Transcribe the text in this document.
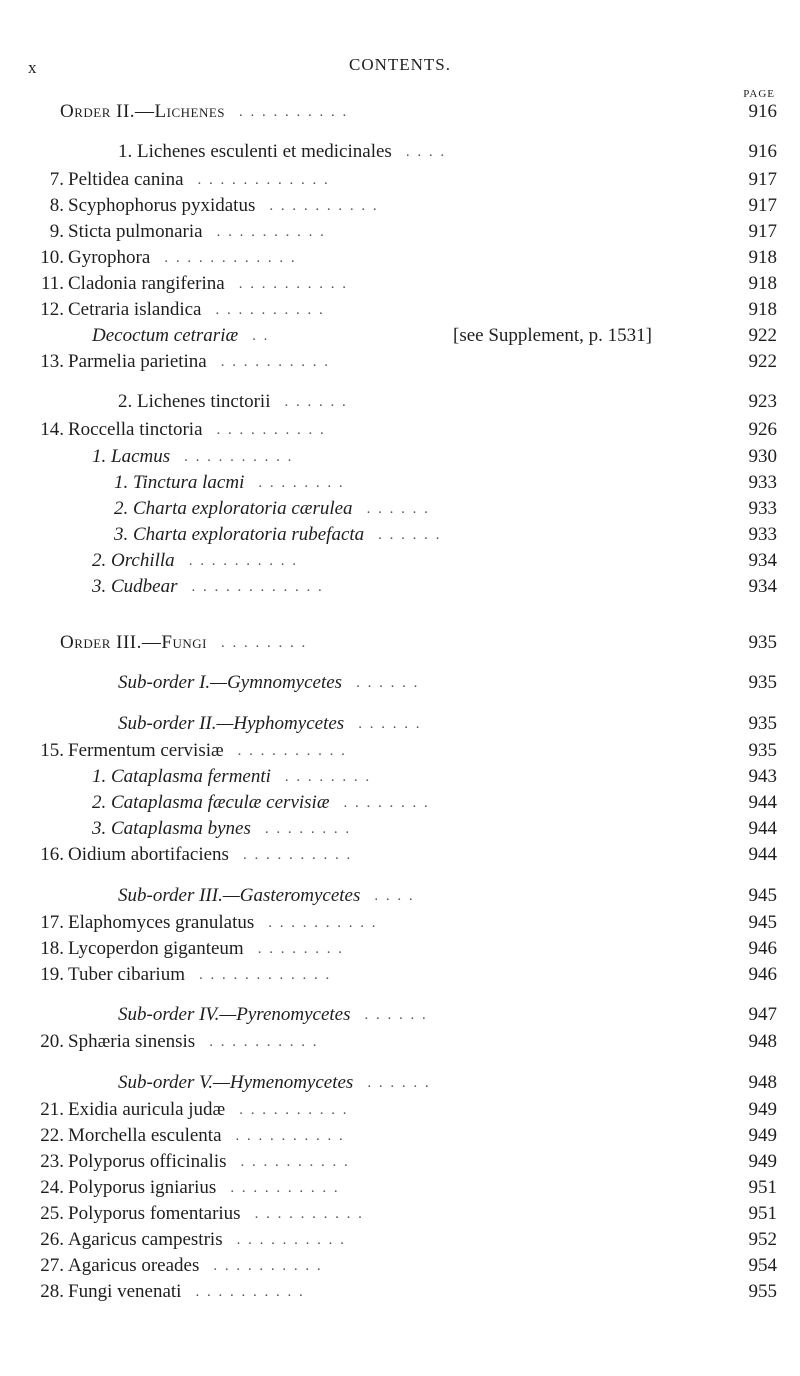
x	CONTENTS.
PAGE
Order II.—Lichenes . . . . . . . . . .	916
1. Lichenes esculenti et medicinales . . . .	916
7. Peltidea canina . . . . . . . . . . . .	917
8. Scyphophorus pyxidatus . . . . . . . . . .	917
9. Sticta pulmonaria . . . . . . . . . .	917
10. Gyrophora . . . . . . . . . . . .	918
11. Cladonia rangiferina . . . . . . . . . .	918
12. Cetraria islandica . . . . . . . . . .	918
Decoctum cetrariæ . .	[see Supplement, p. 1531]	922
13. Parmelia parietina . . . . . . . . . .	922
2. Lichenes tinctorii . . . . . .	923
14. Roccella tinctoria . . . . . . . . . .	926
1. Lacmus . . . . . . . . . .	930
1. Tinctura lacmi . . . . . . . .	933
2. Charta exploratoria cærulea . . . . . .	933
3. Charta exploratoria rubefacta . . . . . .	933
2. Orchilla . . . . . . . . . .	934
3. Cudbear . . . . . . . . . . . .	934
Order III.—Fungi . . . . . . . .	935
Sub-order I.—Gymnomycetes . . . . . .	935
Sub-order II.—Hyphomycetes . . . . . .	935
15. Fermentum cervisiæ . . . . . . . . . .	935
1. Cataplasma fermenti . . . . . . . .	943
2. Cataplasma fæculæ cervisiæ . . . . . . . .	944
3. Cataplasma bynes . . . . . . . .	944
16. Oidium abortifaciens . . . . . . . . . .	944
Sub-order III.—Gasteromycetes . . . .	945
17. Elaphomyces granulatus . . . . . . . . . .	945
18. Lycoperdon giganteum . . . . . . . .	946
19. Tuber cibarium . . . . . . . . . . . .	946
Sub-order IV.—Pyrenomycetes . . . . . .	947
20. Sphæria sinensis . . . . . . . . . .	948
Sub-order V.—Hymenomycetes . . . . . .	948
21. Exidia auricula judæ . . . . . . . . . .	949
22. Morchella esculenta . . . . . . . . . .	949
23. Polyporus officinalis . . . . . . . . . .	949
24. Polyporus igniarius . . . . . . . . . .	951
25. Polyporus fomentarius . . . . . . . . . .	951
26. Agaricus campestris . . . . . . . . . .	952
27. Agaricus oreades . . . . . . . . . .	954
28. Fungi venenati . . . . . . . . . .	955
